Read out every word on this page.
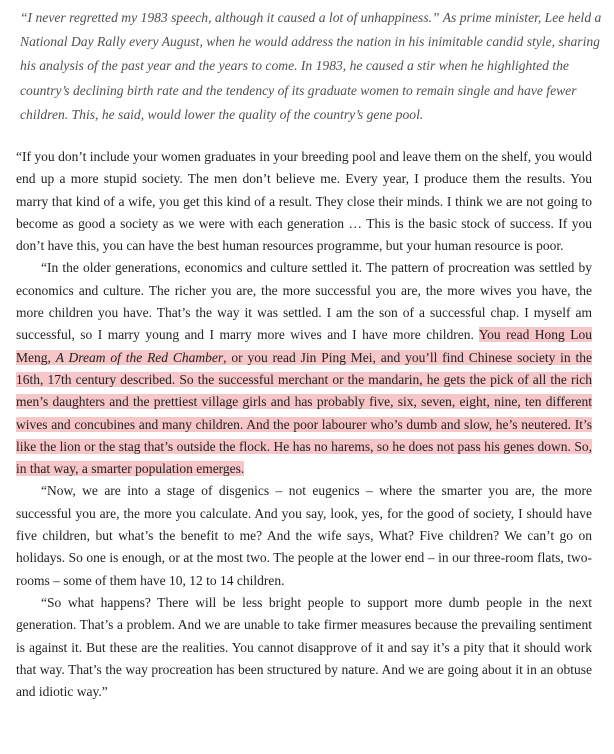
“I never regretted my 1983 speech, although it caused a lot of unhappiness.” As prime minister, Lee held a National Day Rally every August, when he would address the nation in his inimitable candid style, sharing his analysis of the past year and the years to come. In 1983, he caused a stir when he highlighted the country’s declining birth rate and the tendency of its graduate women to remain single and have fewer children. This, he said, would lower the quality of the country’s gene pool.

“If you don’t include your women graduates in your breeding pool and leave them on the shelf, you would end up a more stupid society. The men don’t believe me. Every year, I produce them the results. You marry that kind of a wife, you get this kind of a result. They close their minds. I think we are not going to become as good a society as we were with each generation … This is the basic stock of success. If you don’t have this, you can have the best human resources programme, but your human resource is poor.

“In the older generations, economics and culture settled it. The pattern of procreation was settled by economics and culture. The richer you are, the more successful you are, the more wives you have, the more children you have. That’s the way it was settled. I am the son of a successful chap. I myself am successful, so I marry young and I marry more wives and I have more children. You read Hong Lou Meng, A Dream of the Red Chamber, or you read Jin Ping Mei, and you’ll find Chinese society in the 16th, 17th century described. So the successful merchant or the mandarin, he gets the pick of all the rich men’s daughters and the prettiest village girls and has probably five, six, seven, eight, nine, ten different wives and concubines and many children. And the poor labourer who’s dumb and slow, he’s neutered. It’s like the lion or the stag that’s outside the flock. He has no harems, so he does not pass his genes down. So, in that way, a smarter population emerges.

“Now, we are into a stage of disgenics – not eugenics – where the smarter you are, the more successful you are, the more you calculate. And you say, look, yes, for the good of society, I should have five children, but what’s the benefit to me? And the wife says, What? Five children? We can’t go on holidays. So one is enough, or at the most two. The people at the lower end – in our three-room flats, two-rooms – some of them have 10, 12 to 14 children.

“So what happens? There will be less bright people to support more dumb people in the next generation. That’s a problem. And we are unable to take firmer measures because the prevailing sentiment is against it. But these are the realities. You cannot disapprove of it and say it’s a pity that it should work that way. That’s the way procreation has been structured by nature. And we are going about it in an obtuse and idiotic way.”
